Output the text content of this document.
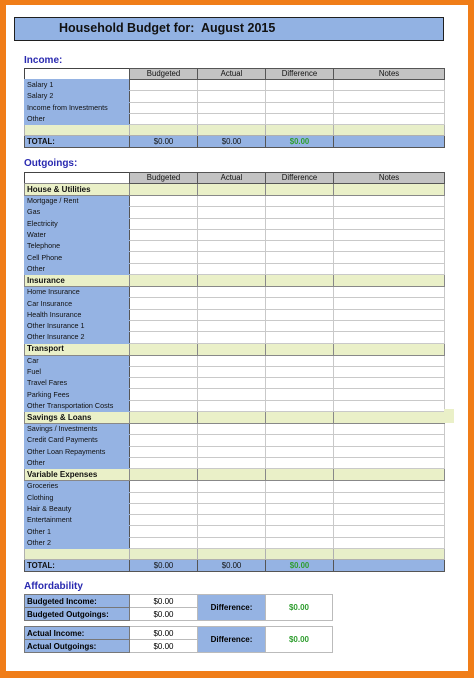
Household Budget for: August 2015
Income:
	Budgeted	Actual	Difference	Notes
Salary 1				
Salary 2				
Income from Investments				
Other				

TOTAL:	$0.00	$0.00	$0.00	
Outgoings:
	Budgeted	Actual	Difference	Notes
House & Utilities				
Mortgage / Rent				
Gas				
Electricity				
Water				
Telephone				
Cell Phone				
Other				
Insurance				
Home Insurance				
Car Insurance				
Health Insurance				
Other Insurance 1				
Other Insurance 2				
Transport				
Car				
Fuel				
Travel Fares				
Parking Fees				
Other Transportation Costs				
Savings & Loans				
Savings / Investments				
Credit Card Payments				
Other Loan Repayments				
Other				
Variable Expenses				
Groceries				
Clothing				
Hair & Beauty				
Entertainment				
Other 1				
Other 2				

TOTAL:	$0.00	$0.00	$0.00	
Affordability
Budgeted Income:	$0.00	Difference:	$0.00
Budgeted Outgoings:	$0.00		
Actual Income:	$0.00	Difference:	$0.00
Actual Outgoings:	$0.00		
